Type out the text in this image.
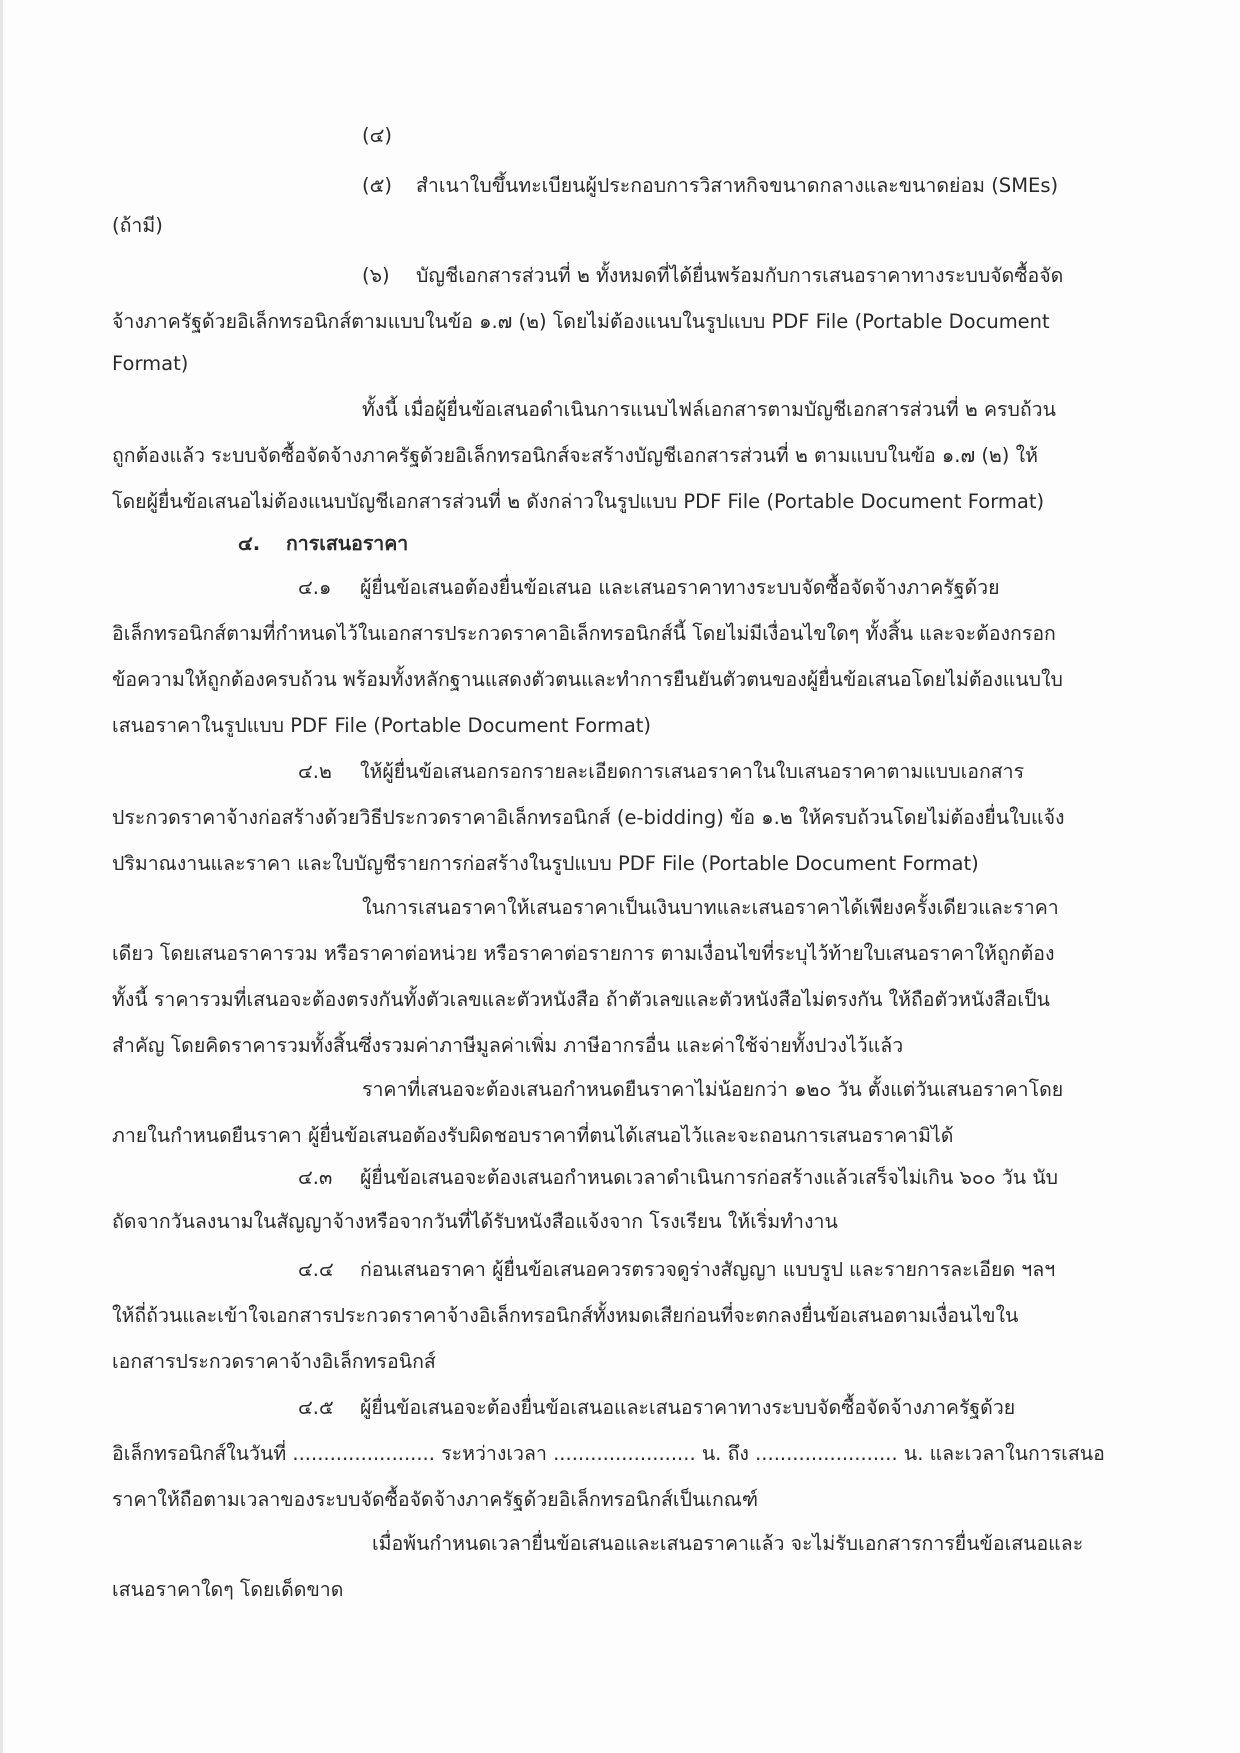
(๔)
(๕) สำเนาใบขึ้นทะเบียนผู้ประกอบการวิสาหกิจขนาดกลางและขนาดย่อม (SMEs)
(ถ้ามี)
(๖) บัญชีเอกสารส่วนที่ ๒ ทั้งหมดที่ได้ยื่นพร้อมกับการเสนอราคาทางระบบจัดซื้อจัด
จ้างภาครัฐด้วยอิเล็กทรอนิกส์ตามแบบในข้อ ๑.๗ (๒) โดยไม่ต้องแนบในรูปแบบ PDF File (Portable Document
Format)
ทั้งนี้ เมื่อผู้ยื่นข้อเสนอดำเนินการแนบไฟล์เอกสารตามบัญชีเอกสารส่วนที่ ๒ ครบถ้วน
ถูกต้องแล้ว ระบบจัดซื้อจัดจ้างภาครัฐด้วยอิเล็กทรอนิกส์จะสร้างบัญชีเอกสารส่วนที่ ๒ ตามแบบในข้อ ๑.๗ (๒) ให้
โดยผู้ยื่นข้อเสนอไม่ต้องแนบบัญชีเอกสารส่วนที่ ๒ ดังกล่าวในรูปแบบ PDF File (Portable Document Format)
๔. การเสนอราคา
๔.๑ ผู้ยื่นข้อเสนอต้องยื่นข้อเสนอ และเสนอราคาทางระบบจัดซื้อจัดจ้างภาครัฐด้วย
อิเล็กทรอนิกส์ตามที่กำหนดไว้ในเอกสารประกวดราคาอิเล็กทรอนิกส์นี้ โดยไม่มีเงื่อนไขใดๆ ทั้งสิ้น และจะต้องกรอก
ข้อความให้ถูกต้องครบถ้วน พร้อมทั้งหลักฐานแสดงตัวตนและทำการยืนยันตัวตนของผู้ยื่นข้อเสนอโดยไม่ต้องแนบใบ
เสนอราคาในรูปแบบ PDF File (Portable Document Format)
๔.๒ ให้ผู้ยื่นข้อเสนอกรอกรายละเอียดการเสนอราคาในใบเสนอราคาตามแบบเอกสาร
ประกวดราคาจ้างก่อสร้างด้วยวิธีประกวดราคาอิเล็กทรอนิกส์ (e-bidding) ข้อ ๑.๒ ให้ครบถ้วนโดยไม่ต้องยื่นใบแจ้ง
ปริมาณงานและราคา และใบบัญชีรายการก่อสร้างในรูปแบบ PDF File (Portable Document Format)
ในการเสนอราคาให้เสนอราคาเป็นเงินบาทและเสนอราคาได้เพียงครั้งเดียวและราคา
เดียว โดยเสนอราคารวม หรือราคาต่อหน่วย หรือราคาต่อรายการ ตามเงื่อนไขที่ระบุไว้ท้ายใบเสนอราคาให้ถูกต้อง
ทั้งนี้ ราคารวมที่เสนอจะต้องตรงกันทั้งตัวเลขและตัวหนังสือ ถ้าตัวเลขและตัวหนังสือไม่ตรงกัน ให้ถือตัวหนังสือเป็น
สำคัญ โดยคิดราคารวมทั้งสิ้นซึ่งรวมค่าภาษีมูลค่าเพิ่ม ภาษีอากรอื่น และค่าใช้จ่ายทั้งปวงไว้แล้ว
ราคาที่เสนอจะต้องเสนอกำหนดยืนราคาไม่น้อยกว่า ๑๒๐ วัน ตั้งแต่วันเสนอราคาโดย
ภายในกำหนดยืนราคา ผู้ยื่นข้อเสนอต้องรับผิดชอบราคาที่ตนได้เสนอไว้และจะถอนการเสนอราคามิได้
๔.๓ ผู้ยื่นข้อเสนอจะต้องเสนอกำหนดเวลาดำเนินการก่อสร้างแล้วเสร็จไม่เกิน ๖๐๐ วัน นับ
ถัดจากวันลงนามในสัญญาจ้างหรือจากวันที่ได้รับหนังสือแจ้งจาก โรงเรียน ให้เริ่มทำงาน
๔.๔ ก่อนเสนอราคา ผู้ยื่นข้อเสนอควรตรวจดูร่างสัญญา แบบรูป และรายการละเอียด ฯลฯ
ให้ถี่ถ้วนและเข้าใจเอกสารประกวดราคาจ้างอิเล็กทรอนิกส์ทั้งหมดเสียก่อนที่จะตกลงยื่นข้อเสนอตามเงื่อนไขใน
เอกสารประกวดราคาจ้างอิเล็กทรอนิกส์
๔.๕ ผู้ยื่นข้อเสนอจะต้องยื่นข้อเสนอและเสนอราคาทางระบบจัดซื้อจัดจ้างภาครัฐด้วย
อิเล็กทรอนิกส์ในวันที่ ....................... ระหว่างเวลา ....................... น. ถึง ....................... น. และเวลาในการเสนอ
ราคาให้ถือตามเวลาของระบบจัดซื้อจัดจ้างภาครัฐด้วยอิเล็กทรอนิกส์เป็นเกณฑ์
เมื่อพ้นกำหนดเวลายื่นข้อเสนอและเสนอราคาแล้ว จะไม่รับเอกสารการยื่นข้อเสนอและ
เสนอราคาใดๆ โดยเด็ดขาด
